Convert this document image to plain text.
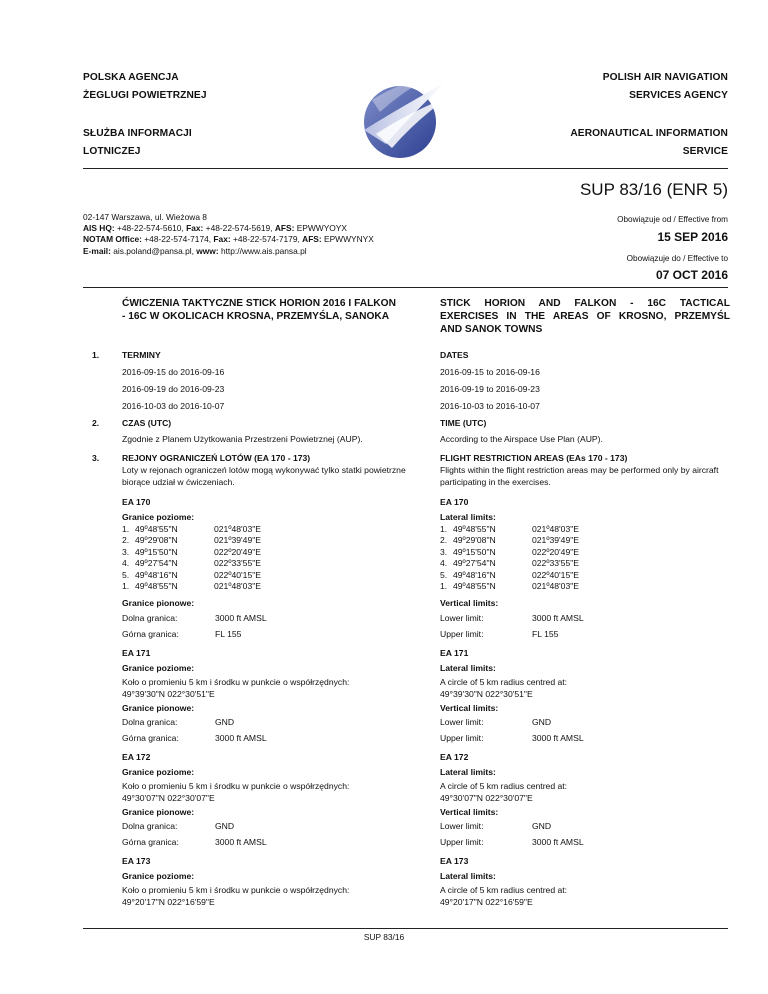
POLSKA AGENCJA
ŻEGLUGI POWIETRZNEJ
SŁUŻBA INFORMACJI
LOTNICZEJ
POLISH AIR NAVIGATION
SERVICES AGENCY
AERONAUTICAL INFORMATION
SERVICE
SUP 83/16 (ENR 5)
02-147 Warszawa, ul. Wieżowa 8
AIS HQ: +48-22-574-5610, Fax: +48-22-574-5619, AFS: EPWWYOYX
NOTAM Office: +48-22-574-7174, Fax: +48-22-574-7179, AFS: EPWWYNYX
E-mail: ais.poland@pansa.pl, www: http://www.ais.pansa.pl
Obowiązuje od / Effective from
15 SEP 2016
Obowiązuje do / Effective to
07 OCT 2016
ĆWICZENIA TAKTYCZNE STICK HORION 2016 I FALKON
- 16C W OKOLICACH KROSNA, PRZEMYŚLA, SANOKA
STICK HORION AND FALKON - 16C TACTICAL
EXERCISES IN THE AREAS OF KROSNO, PRZEMYŚL
AND SANOK TOWNS
1.	TERMINY	DATES
2016-09-15 do 2016-09-16
2016-09-19 do 2016-09-23
2016-10-03 do 2016-10-07
2016-09-15 to 2016-09-16
2016-09-19 to 2016-09-23
2016-10-03 to 2016-10-07
2.	CZAS (UTC)	TIME (UTC)
Zgodnie z Planem Użytkowania Przestrzeni Powietrznej (AUP).	According to the Airspace Use Plan (AUP).
3.	REJONY OGRANICZEŃ LOTÓW (EA 170 - 173)	FLIGHT RESTRICTION AREAS (EAs 170 - 173)
Loty w rejonach ograniczeń lotów mogą wykonywać tylko statki powietrzne
biorące udział w ćwiczeniach.
Flights within the flight restriction areas may be performed only by aircraft
participating in the exercises.
EA 170	EA 170
Granice poziome:	Lateral limits:
1. 49º48'55"N	021º48'03"E
2. 49º29'08"N	021º39'49"E
3. 49º15'50"N	022º20'49"E
4. 49º27'54"N	022º33'55"E
5. 49º48'16"N	022º40'15"E
1. 49º48'55"N	021º48'03"E
1. 49º48'55"N	021º48'03"E
2. 49º29'08"N	021º39'49"E
3. 49º15'50"N	022º20'49"E
4. 49º27'54"N	022º33'55"E
5. 49º48'16"N	022º40'15"E
1. 49º48'55"N	021º48'03"E
Granice pionowe:	Vertical limits:
Dolna granica:	3000 ft AMSL
Górna granica:	FL 155
Lower limit:	3000 ft AMSL
Upper limit:	FL 155
EA 171	EA 171
Granice poziome:	Lateral limits:
Koło o promieniu 5 km i środku w punkcie o współrzędnych:
49°39'30"N 022°30'51"E
A circle of 5 km radius centred at:
49°39'30"N 022°30'51"E
Granice pionowe:	Vertical limits:
Dolna granica:	GND
Górna granica:	3000 ft AMSL
Lower limit:	GND
Upper limit:	3000 ft AMSL
EA 172	EA 172
Granice poziome:	Lateral limits:
Koło o promieniu 5 km i środku w punkcie o współrzędnych:
49°30'07"N 022°30'07"E
A circle of 5 km radius centred at:
49°30'07"N 022°30'07"E
Granice pionowe:	Vertical limits:
Dolna granica:	GND
Górna granica:	3000 ft AMSL
Lower limit:	GND
Upper limit:	3000 ft AMSL
EA 173	EA 173
Granice poziome:	Lateral limits:
Koło o promieniu 5 km i środku w punkcie o współrzędnych:
49°20'17"N 022°16'59"E
A circle of 5 km radius centred at:
49°20'17"N 022°16'59"E
SUP 83/16
